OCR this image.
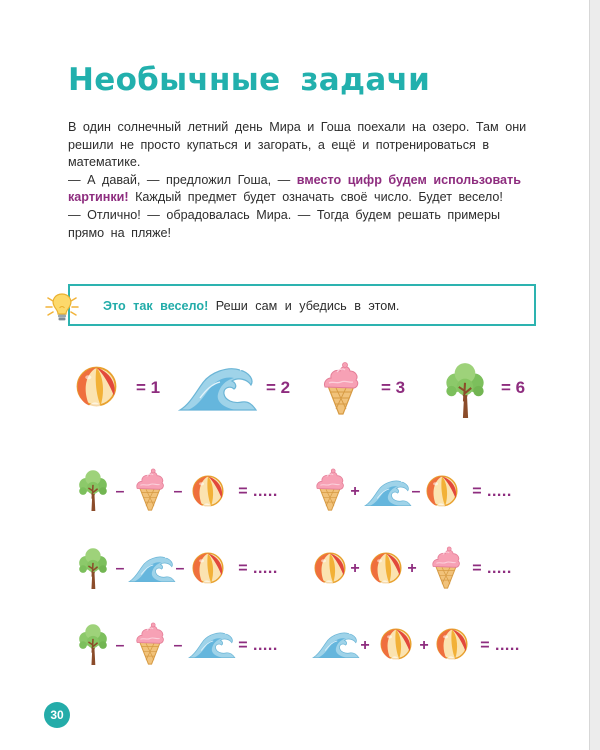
Необычные задачи

В один солнечный летний день Мира и Гоша поехали на озеро. Там они решили не просто купаться и загорать, а ещё и потренироваться в математике.

— А давай, — предложил Гоша, — вместо цифр будем использовать картинки! Каждый предмет будет означать своё число. Будет весело!

— Отлично! — обрадовалась Мира. — Тогда будем решать примеры прямо на пляже!

Это так весело! Реши сам и убедись в этом.
= 1	= 2	= 3	= 6
–	–	= .....	+	–	= .....
–	–	= .....	+	+	= .....
–	–	= .....	+	+	= .....
30
